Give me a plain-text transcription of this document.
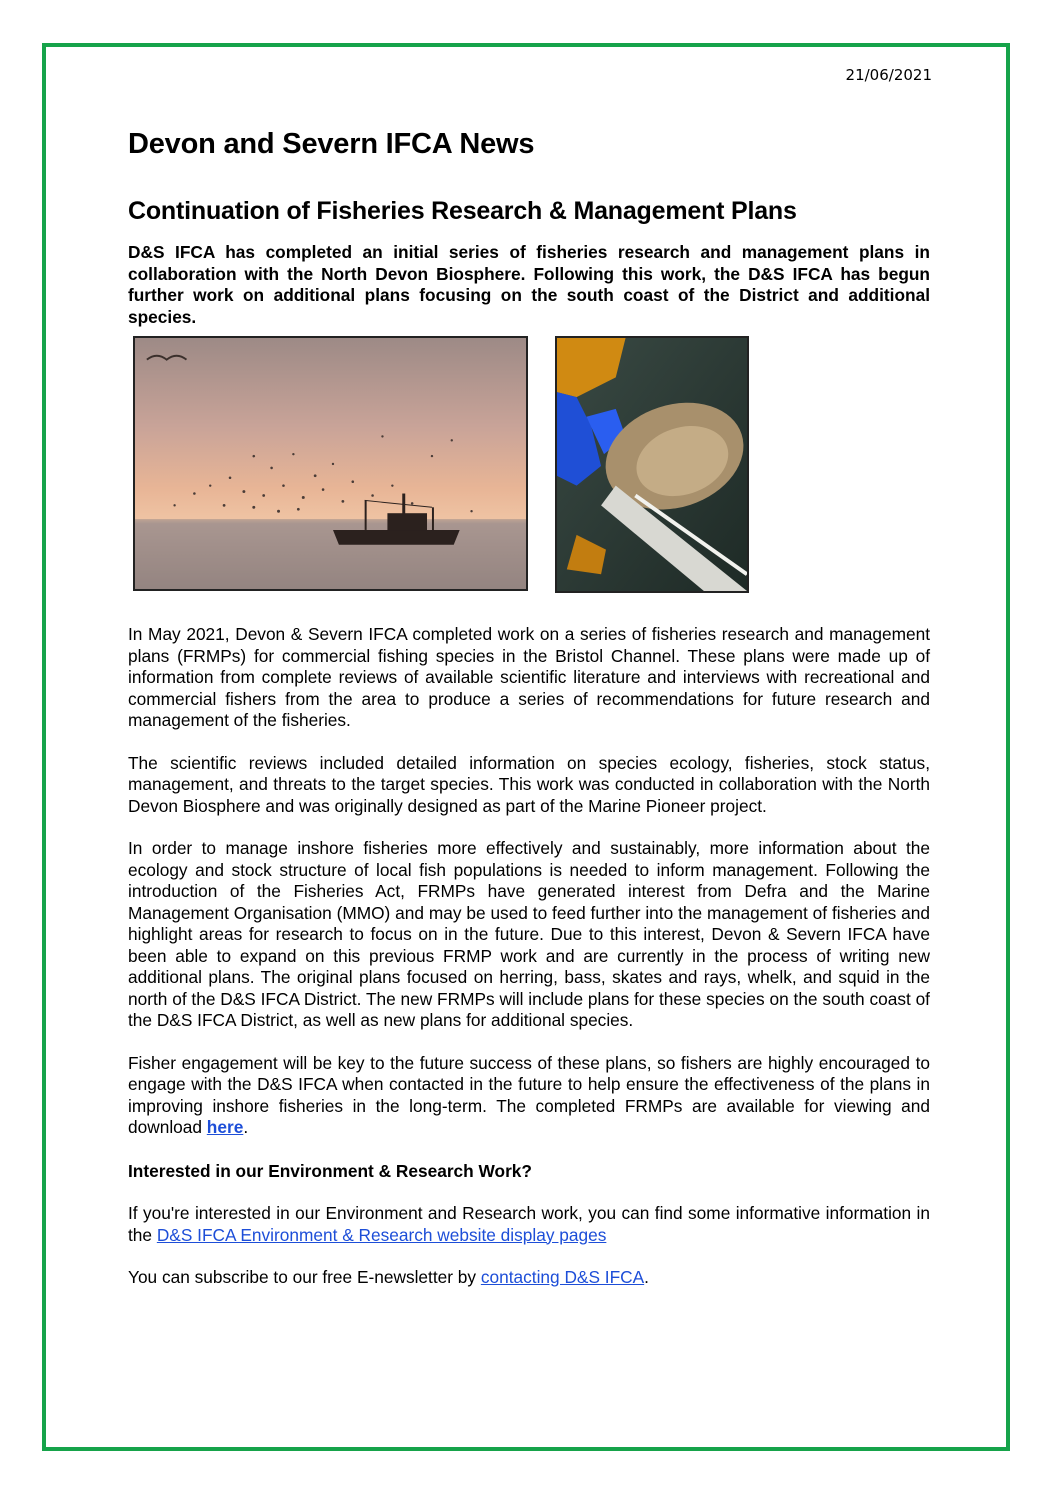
21/06/2021
Devon and Severn IFCA News
Continuation of Fisheries Research & Management Plans

D&S IFCA has completed an initial series of fisheries research and management plans in collaboration with the North Devon Biosphere. Following this work, the D&S IFCA has begun further work on additional plans focusing on the south coast of the District and additional species.

In May 2021, Devon & Severn IFCA completed work on a series of fisheries research and management plans (FRMPs) for commercial fishing species in the Bristol Channel. These plans were made up of information from complete reviews of available scientific literature and interviews with recreational and commercial fishers from the area to produce a series of recommendations for future research and management of the fisheries.

The scientific reviews included detailed information on species ecology, fisheries, stock status, management, and threats to the target species. This work was conducted in collaboration with the North Devon Biosphere and was originally designed as part of the Marine Pioneer project.

In order to manage inshore fisheries more effectively and sustainably, more information about the ecology and stock structure of local fish populations is needed to inform management. Following the introduction of the Fisheries Act, FRMPs have generated interest from Defra and the Marine Management Organisation (MMO) and may be used to feed further into the management of fisheries and highlight areas for research to focus on in the future. Due to this interest, Devon & Severn IFCA have been able to expand on this previous FRMP work and are currently in the process of writing new additional plans. The original plans focused on herring, bass, skates and rays, whelk, and squid in the north of the D&S IFCA District. The new FRMPs will include plans for these species on the south coast of the D&S IFCA District, as well as new plans for additional species.

Fisher engagement will be key to the future success of these plans, so fishers are highly encouraged to engage with the D&S IFCA when contacted in the future to help ensure the effectiveness of the plans in improving inshore fisheries in the long-term. The completed FRMPs are available for viewing and download here.

Interested in our Environment & Research Work?

If you're interested in our Environment and Research work, you can find some informative information in the D&S IFCA Environment & Research website display pages

You can subscribe to our free E-newsletter by contacting D&S IFCA.
